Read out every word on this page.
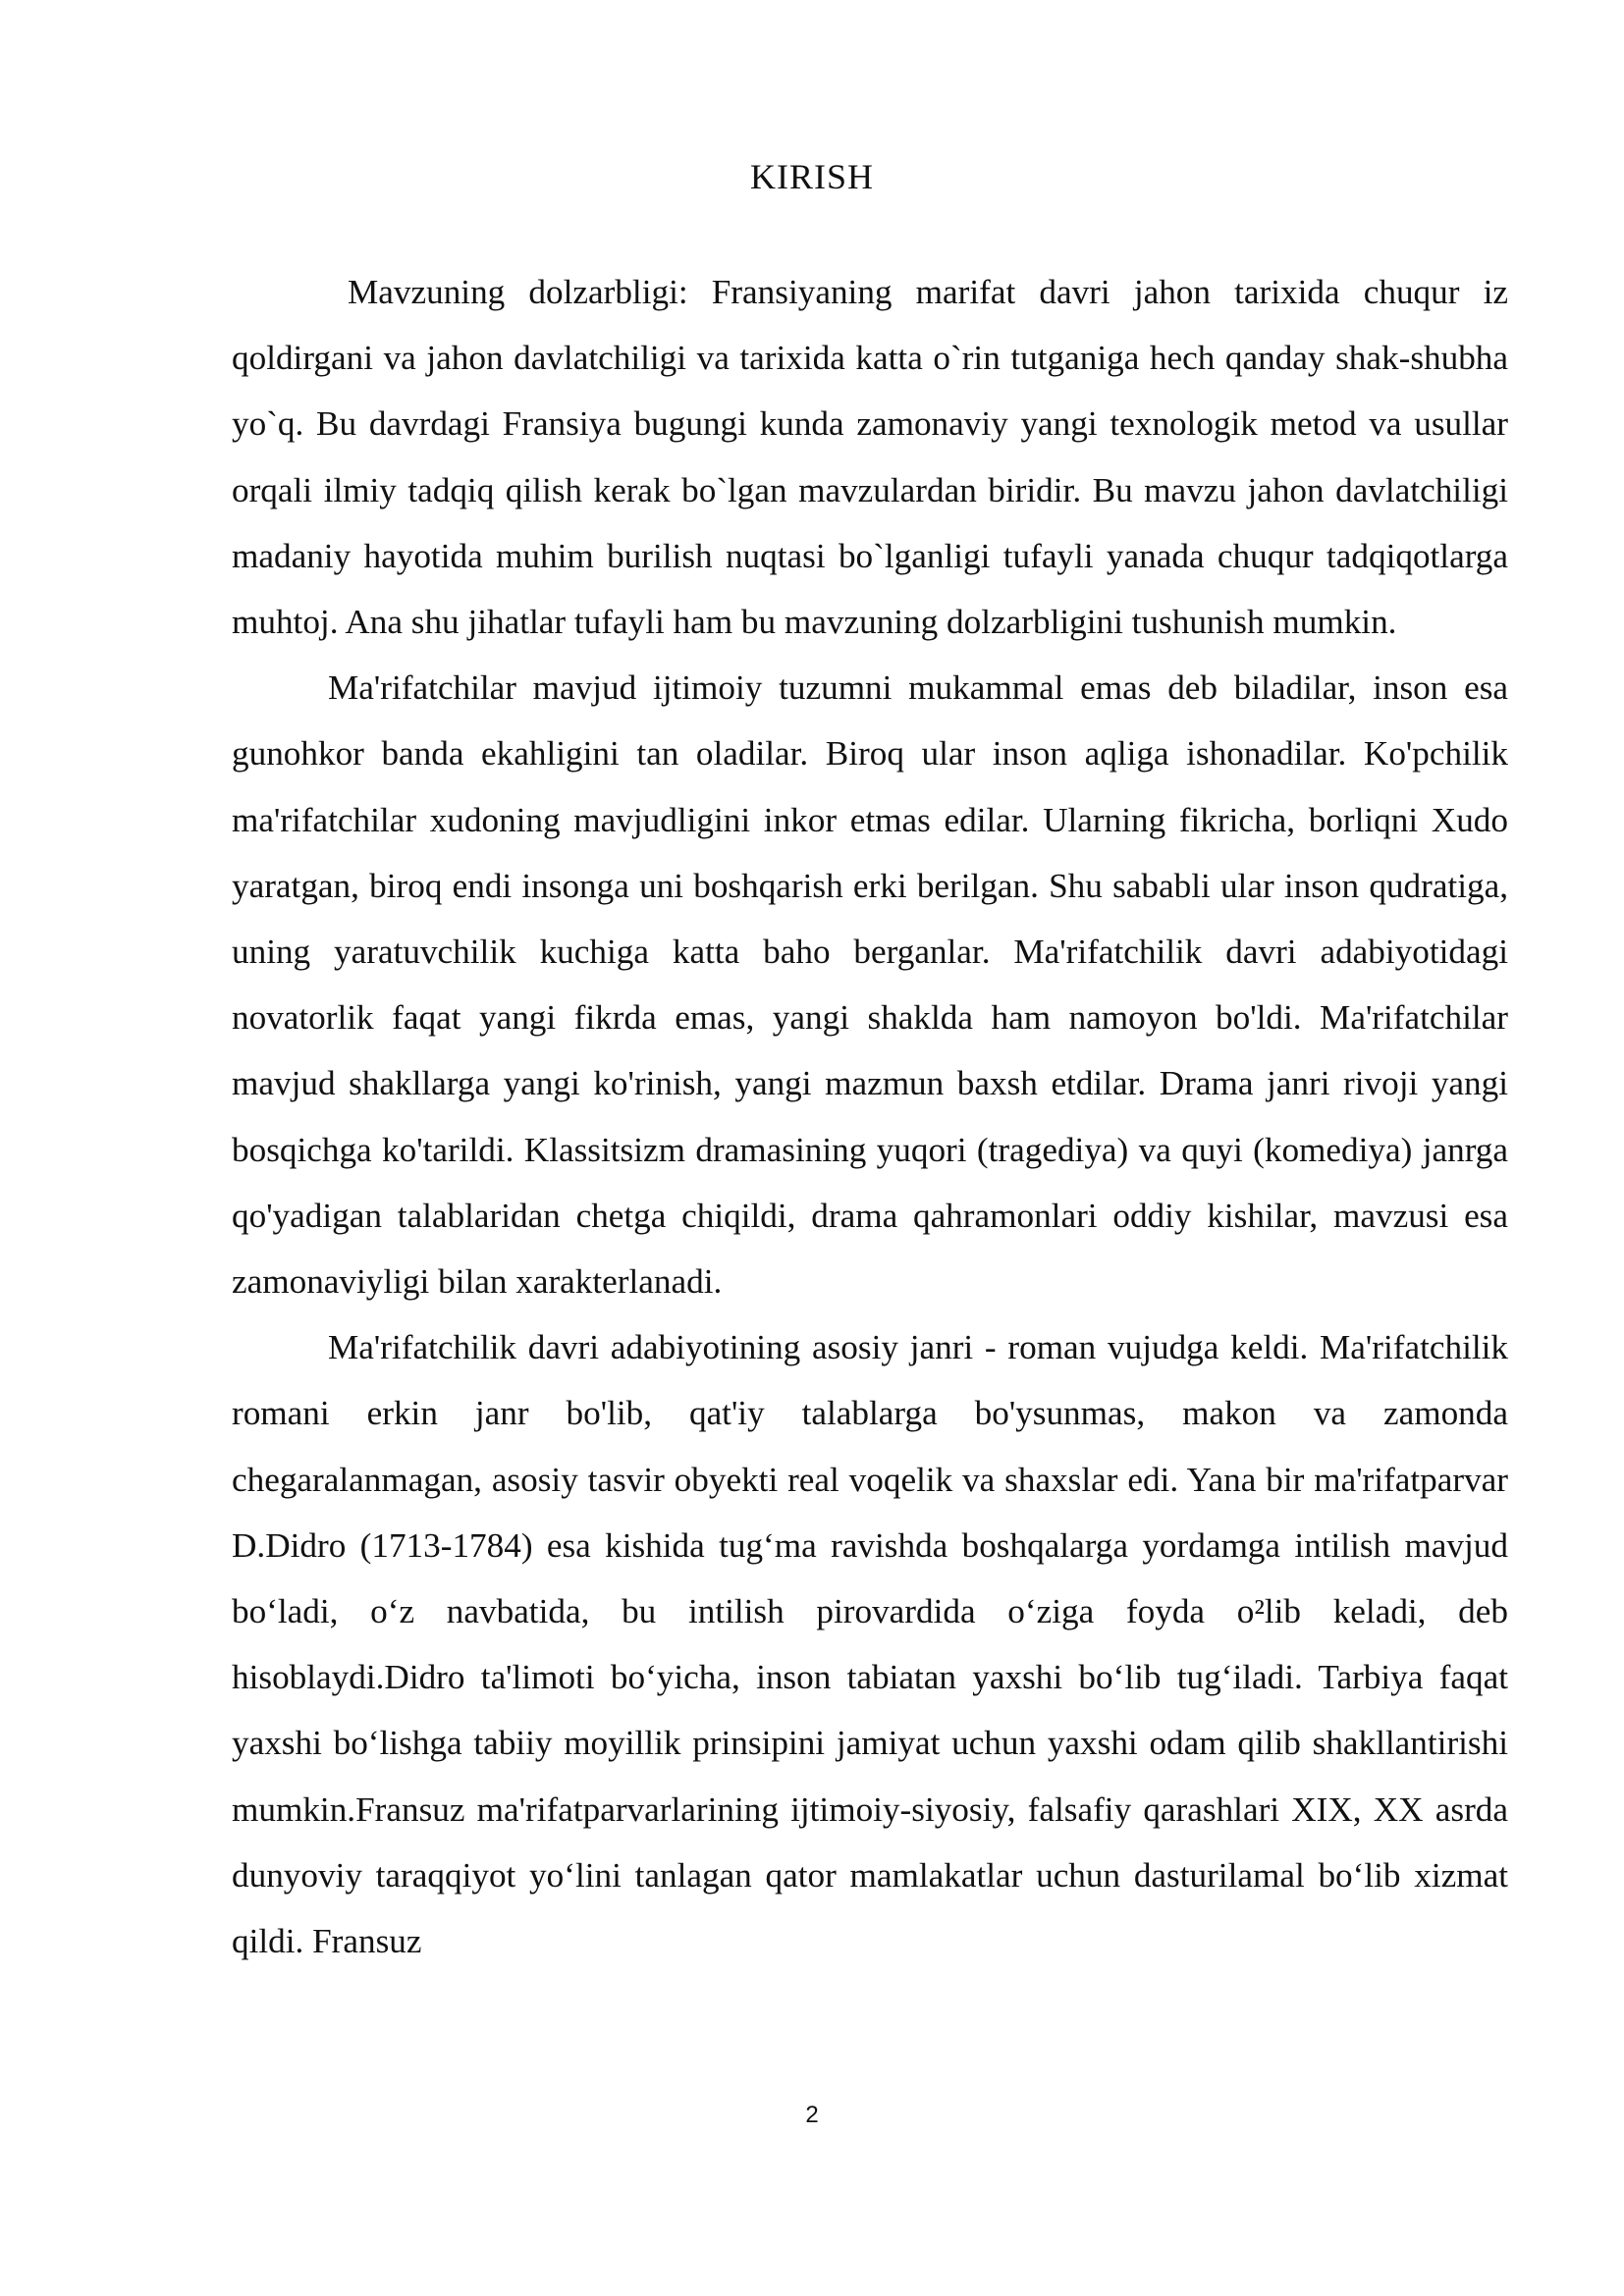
KIRISH

Mavzuning dolzarbligi: Fransiyaning marifat davri jahon tarixida chuqur iz qoldirgani va jahon davlatchiligi va tarixida katta o`rin tutganiga hech qanday shak-shubha yo`q. Bu davrdagi Fransiya bugungi kunda zamonaviy yangi texnologik metod va usullar orqali ilmiy tadqiq qilish kerak bo`lgan mavzulardan biridir. Bu mavzu jahon davlatchiligi madaniy hayotida muhim burilish nuqtasi bo`lganligi tufayli yanada chuqur tadqiqotlarga muhtoj. Ana shu jihatlar tufayli ham bu mavzuning dolzarbligini tushunish mumkin.

Ma'rifatchilar mavjud ijtimoiy tuzumni mukammal emas deb biladilar, inson esa gunohkor banda ekahligini tan oladilar. Biroq ular inson aqliga ishonadilar. Ko'pchilik ma'rifatchilar xudoning mavjudligini inkor etmas edilar. Ularning fikricha, borliqni Xudo yaratgan, biroq endi insonga uni boshqarish erki berilgan. Shu sababli ular inson qudratiga, uning yaratuvchilik kuchiga katta baho berganlar. Ma'rifatchilik davri adabiyotidagi novatorlik faqat yangi fikrda emas, yangi shaklda ham namoyon bo'ldi. Ma'rifatchilar mavjud shakllarga yangi ko'rinish, yangi mazmun baxsh etdilar. Drama janri rivoji yangi bosqichga ko'tarildi. Klassitsizm dramasining yuqori (tragediya) va quyi (komediya) janrga qo'yadigan talablaridan chetga chiqildi, drama qahramonlari oddiy kishilar, mavzusi esa zamonaviyligi bilan xarakterlanadi.

Ma'rifatchilik davri adabiyotining asosiy janri - roman vujudga keldi. Ma'rifatchilik romani erkin janr bo'lib, qat'iy talablarga bo'ysunmas, makon va zamonda chegaralanmagan, asosiy tasvir obyekti real voqelik va shaxslar edi. Yana bir ma'rifatparvar D.Didro (1713-1784) esa kishida tug‘ma ravishda boshqalarga yordamga intilish mavjud bo‘ladi, o‘z navbatida, bu intilish pirovardida o‘ziga foyda o²lib keladi, deb hisoblaydi.Didro ta'limoti bo‘yicha, inson tabiatan yaxshi bo‘lib tug‘iladi. Tarbiya faqat yaxshi bo‘lishga tabiiy moyillik prinsipini jamiyat uchun yaxshi odam qilib shakllantirishi mumkin.Fransuz ma'rifatparvarlarining ijtimoiy-siyosiy, falsafiy qarashlari XIX, XX asrda dunyoviy taraqqiyot yo‘lini tanlagan qator mamlakatlar uchun dasturilamal bo‘lib xizmat qildi. Fransuz

2
